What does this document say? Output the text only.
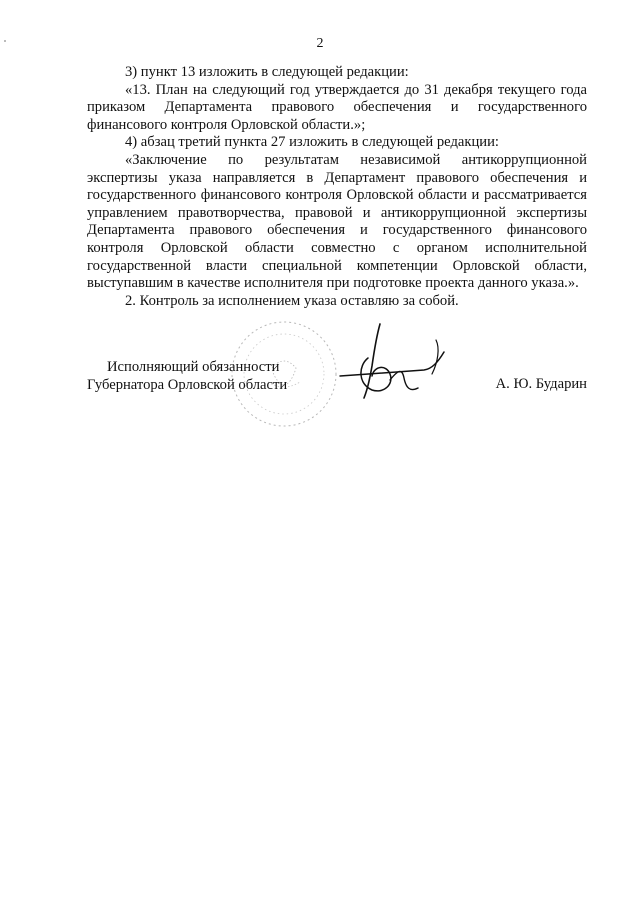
2

3) пункт 13 изложить в следующей редакции:

«13. План на следующий год утверждается до 31 декабря текущего года приказом Департамента правового обеспечения и государственного финансового контроля Орловской области.»;

4) абзац третий пункта 27 изложить в следующей редакции:

«Заключение по результатам независимой антикоррупционной экспертизы указа направляется в Департамент правового обеспечения и государственного финансового контроля Орловской области и рассматривается управлением правотворчества, правовой и антикоррупционной экспертизы Департамента правового обеспечения и государственного финансового контроля Орловской области совместно с органом исполнительной государственной власти специальной компетенции Орловской области, выступавшим в качестве исполнителя при подготовке проекта данного указа.».

2. Контроль за исполнением указа оставляю за собой.

Исполняющий обязанности
Губернатора Орловской области	А. Ю. Бударин
